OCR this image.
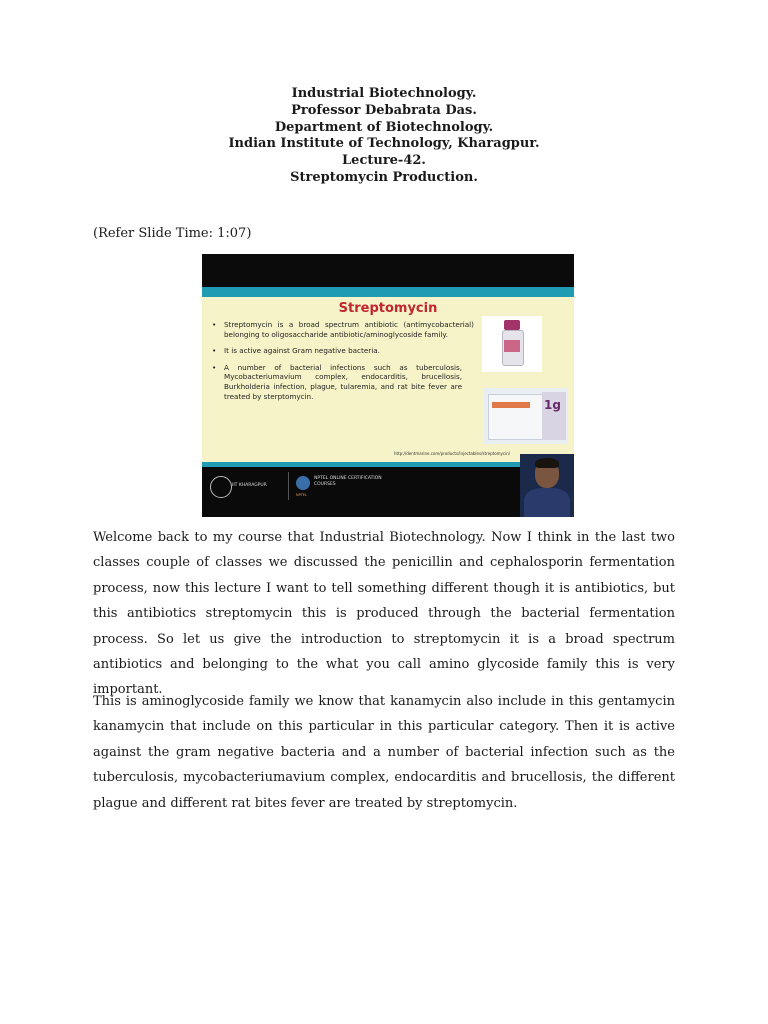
Industrial Biotechnology.
Professor Debabrata Das.
Department of Biotechnology.
Indian Institute of Technology, Kharagpur.
Lecture-42.
Streptomycin Production.
(Refer Slide Time: 1:07)
Streptomycin
•	Streptomycin is a broad spectrum antibiotic (antimycobacterial) belonging to oligosaccharide antibiotic/aminoglycoside family.
•	It is active against Gram negative bacteria.
•	A number of bacterial infections such as tuberculosis, Mycobacteriumavium complex, endocarditis, brucellosis, Burkholderia infection, plague, tularemia, and rat bite fever are treated by sterptomycin.
1g
http://dentmarine.com/products/injectables/streptomycin/
IIT KHARAGPUR
NPTEL ONLINE CERTIFICATION COURSES
NPTEL
Welcome back to my course that Industrial Biotechnology. Now I think in the last two classes couple of classes we discussed the penicillin and cephalosporin fermentation process, now this lecture I want to tell something different though it is antibiotics, but this antibiotics streptomycin this is produced through the bacterial fermentation process. So let us give the introduction to streptomycin it is a broad spectrum antibiotics and belonging to the what you call amino glycoside family this is very important.
This is aminoglycoside family we know that kanamycin also include in this gentamycin kanamycin that include on this particular in this particular category. Then it is active against the gram negative bacteria and a number of bacterial infection such as the tuberculosis, mycobacteriumavium complex, endocarditis and brucellosis, the different plague and different rat bites fever are treated by streptomycin.
